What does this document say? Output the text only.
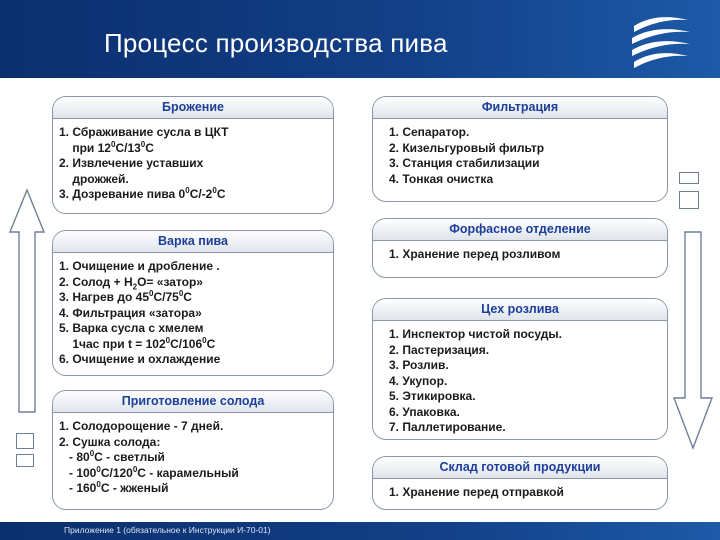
Процесс производства пива
Брожение
1. Сбраживание сусла в ЦКТ
при $12^0С/13^0С$
2. Извлечение уставших
дрожжей.
3. Дозревание пива $0^0С/-2^0С$
Варка пива
1. Очищение и дробление .
2. Солод + $Н_2О=$ «затор»
3. Нагрев до $45^0С/75^0С$
4. Фильтрация «затора»
5. Варка сусла с хмелем
1час при $t = 102^0С/106^0С$
6. Очищение и охлаждение
Приготовление солода
1. Солодорощение - 7 дней.
2. Сушка солода:
- $80^0С$ - светлый
- $100^0С/120^0С$ - карамельный
- $160^0С$ - жженый
Фильтрация
1. Сепаратор.
2. Кизельгуровый фильтр
3. Станция стабилизации
4. Тонкая очистка
Форфасное отделение
1. Хранение перед розливом
Цех розлива
1. Инспектор чистой посуды.
2. Пастеризация.
3. Розлив.
4. Укупор.
5. Этикировка.
6. Упаковка.
7. Паллетирование.
Склад готовой продукции
1. Хранение перед отправкой
Приложение 1 (обязательное к Инструкции И-70-01)
